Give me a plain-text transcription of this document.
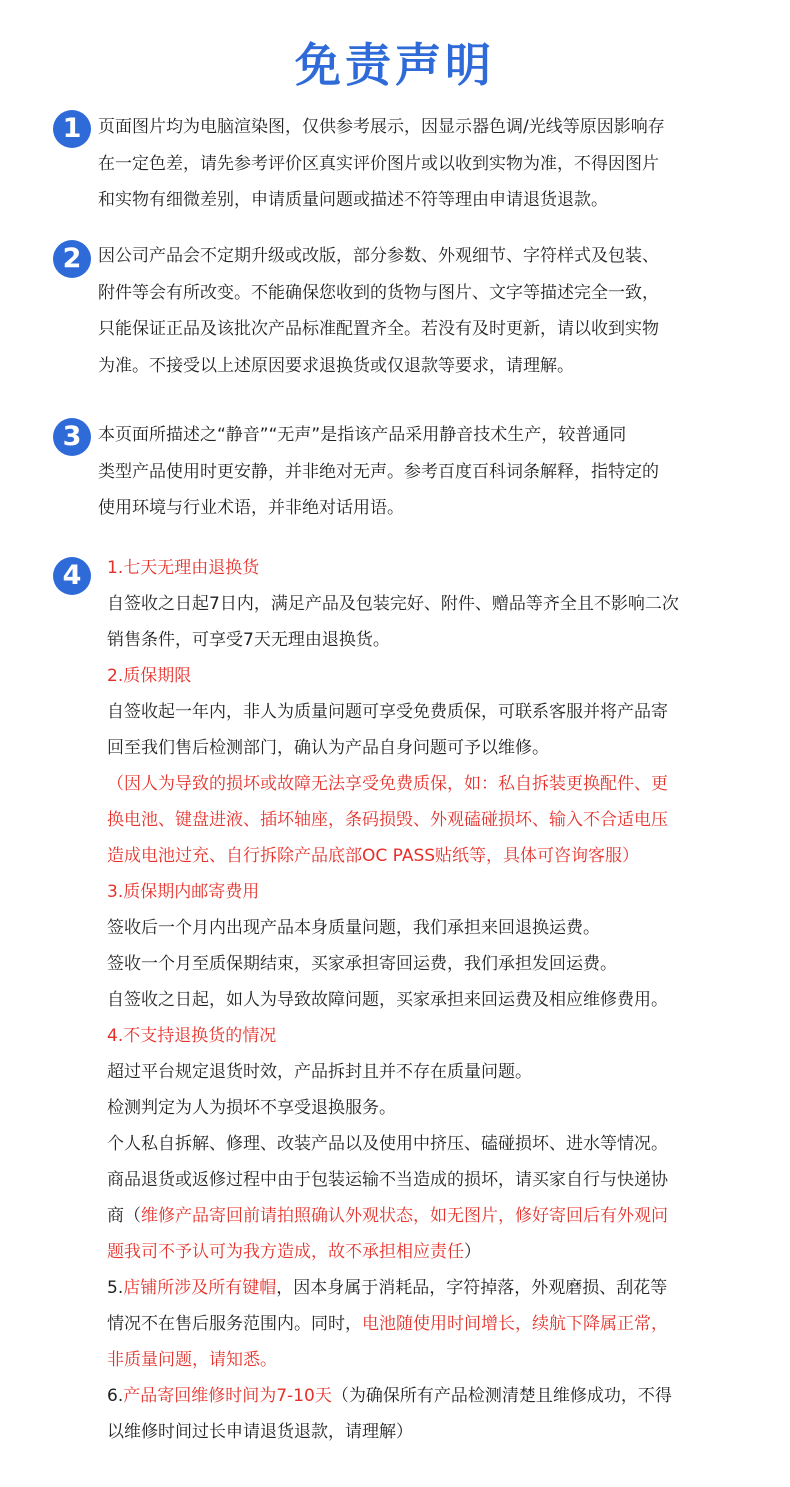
免责声明
1 页面图片均为电脑渲染图，仅供参考展示，因显示器色调/光线等原因影响存
在一定色差，请先参考评价区真实评价图片或以收到实物为准，不得因图片
和实物有细微差别，申请质量问题或描述不符等理由申请退货退款。
2 因公司产品会不定期升级或改版，部分参数、外观细节、字符样式及包装、
附件等会有所改变。不能确保您收到的货物与图片、文字等描述完全一致，
只能保证正品及该批次产品标准配置齐全。若没有及时更新，请以收到实物
为准。不接受以上述原因要求退换货或仅退款等要求，请理解。
3 本页面所描述之“静音”“无声”是指该产品采用静音技术生产，较普通同
类型产品使用时更安静，并非绝对无声。参考百度百科词条解释，指特定的
使用环境与行业术语，并非绝对话用语。
4	1.七天无理由退换货
自签收之日起7日内，满足产品及包装完好、附件、赠品等齐全且不影响二次
销售条件，可享受7天无理由退换货。
2.质保期限
自签收起一年内，非人为质量问题可享受免费质保，可联系客服并将产品寄
回至我们售后检测部门，确认为产品自身问题可予以维修。
（因人为导致的损坏或故障无法享受免费质保，如：私自拆装更换配件、更
换电池、键盘进液、插坏轴座，条码损毁、外观磕碰损坏、输入不合适电压
造成电池过充、自行拆除产品底部OC PASS贴纸等，具体可咨询客服）
3.质保期内邮寄费用
签收后一个月内出现产品本身质量问题，我们承担来回退换运费。
签收一个月至质保期结束，买家承担寄回运费，我们承担发回运费。
自签收之日起，如人为导致故障问题，买家承担来回运费及相应维修费用。
4.不支持退换货的情况
超过平台规定退货时效，产品拆封且并不存在质量问题。
检测判定为人为损坏不享受退换服务。
个人私自拆解、修理、改装产品以及使用中挤压、磕碰损坏、进水等情况。
商品退货或返修过程中由于包装运输不当造成的损坏，请买家自行与快递协
商（维修产品寄回前请拍照确认外观状态，如无图片，修好寄回后有外观问
题我司不予认可为我方造成，故不承担相应责任）
5.店铺所涉及所有键帽，因本身属于消耗品，字符掉落，外观磨损、刮花等
情况不在售后服务范围内。同时，电池随使用时间增长，续航下降属正常，
非质量问题，请知悉。
6.产品寄回维修时间为7-10天（为确保所有产品检测清楚且维修成功，不得
以维修时间过长申请退货退款，请理解）
